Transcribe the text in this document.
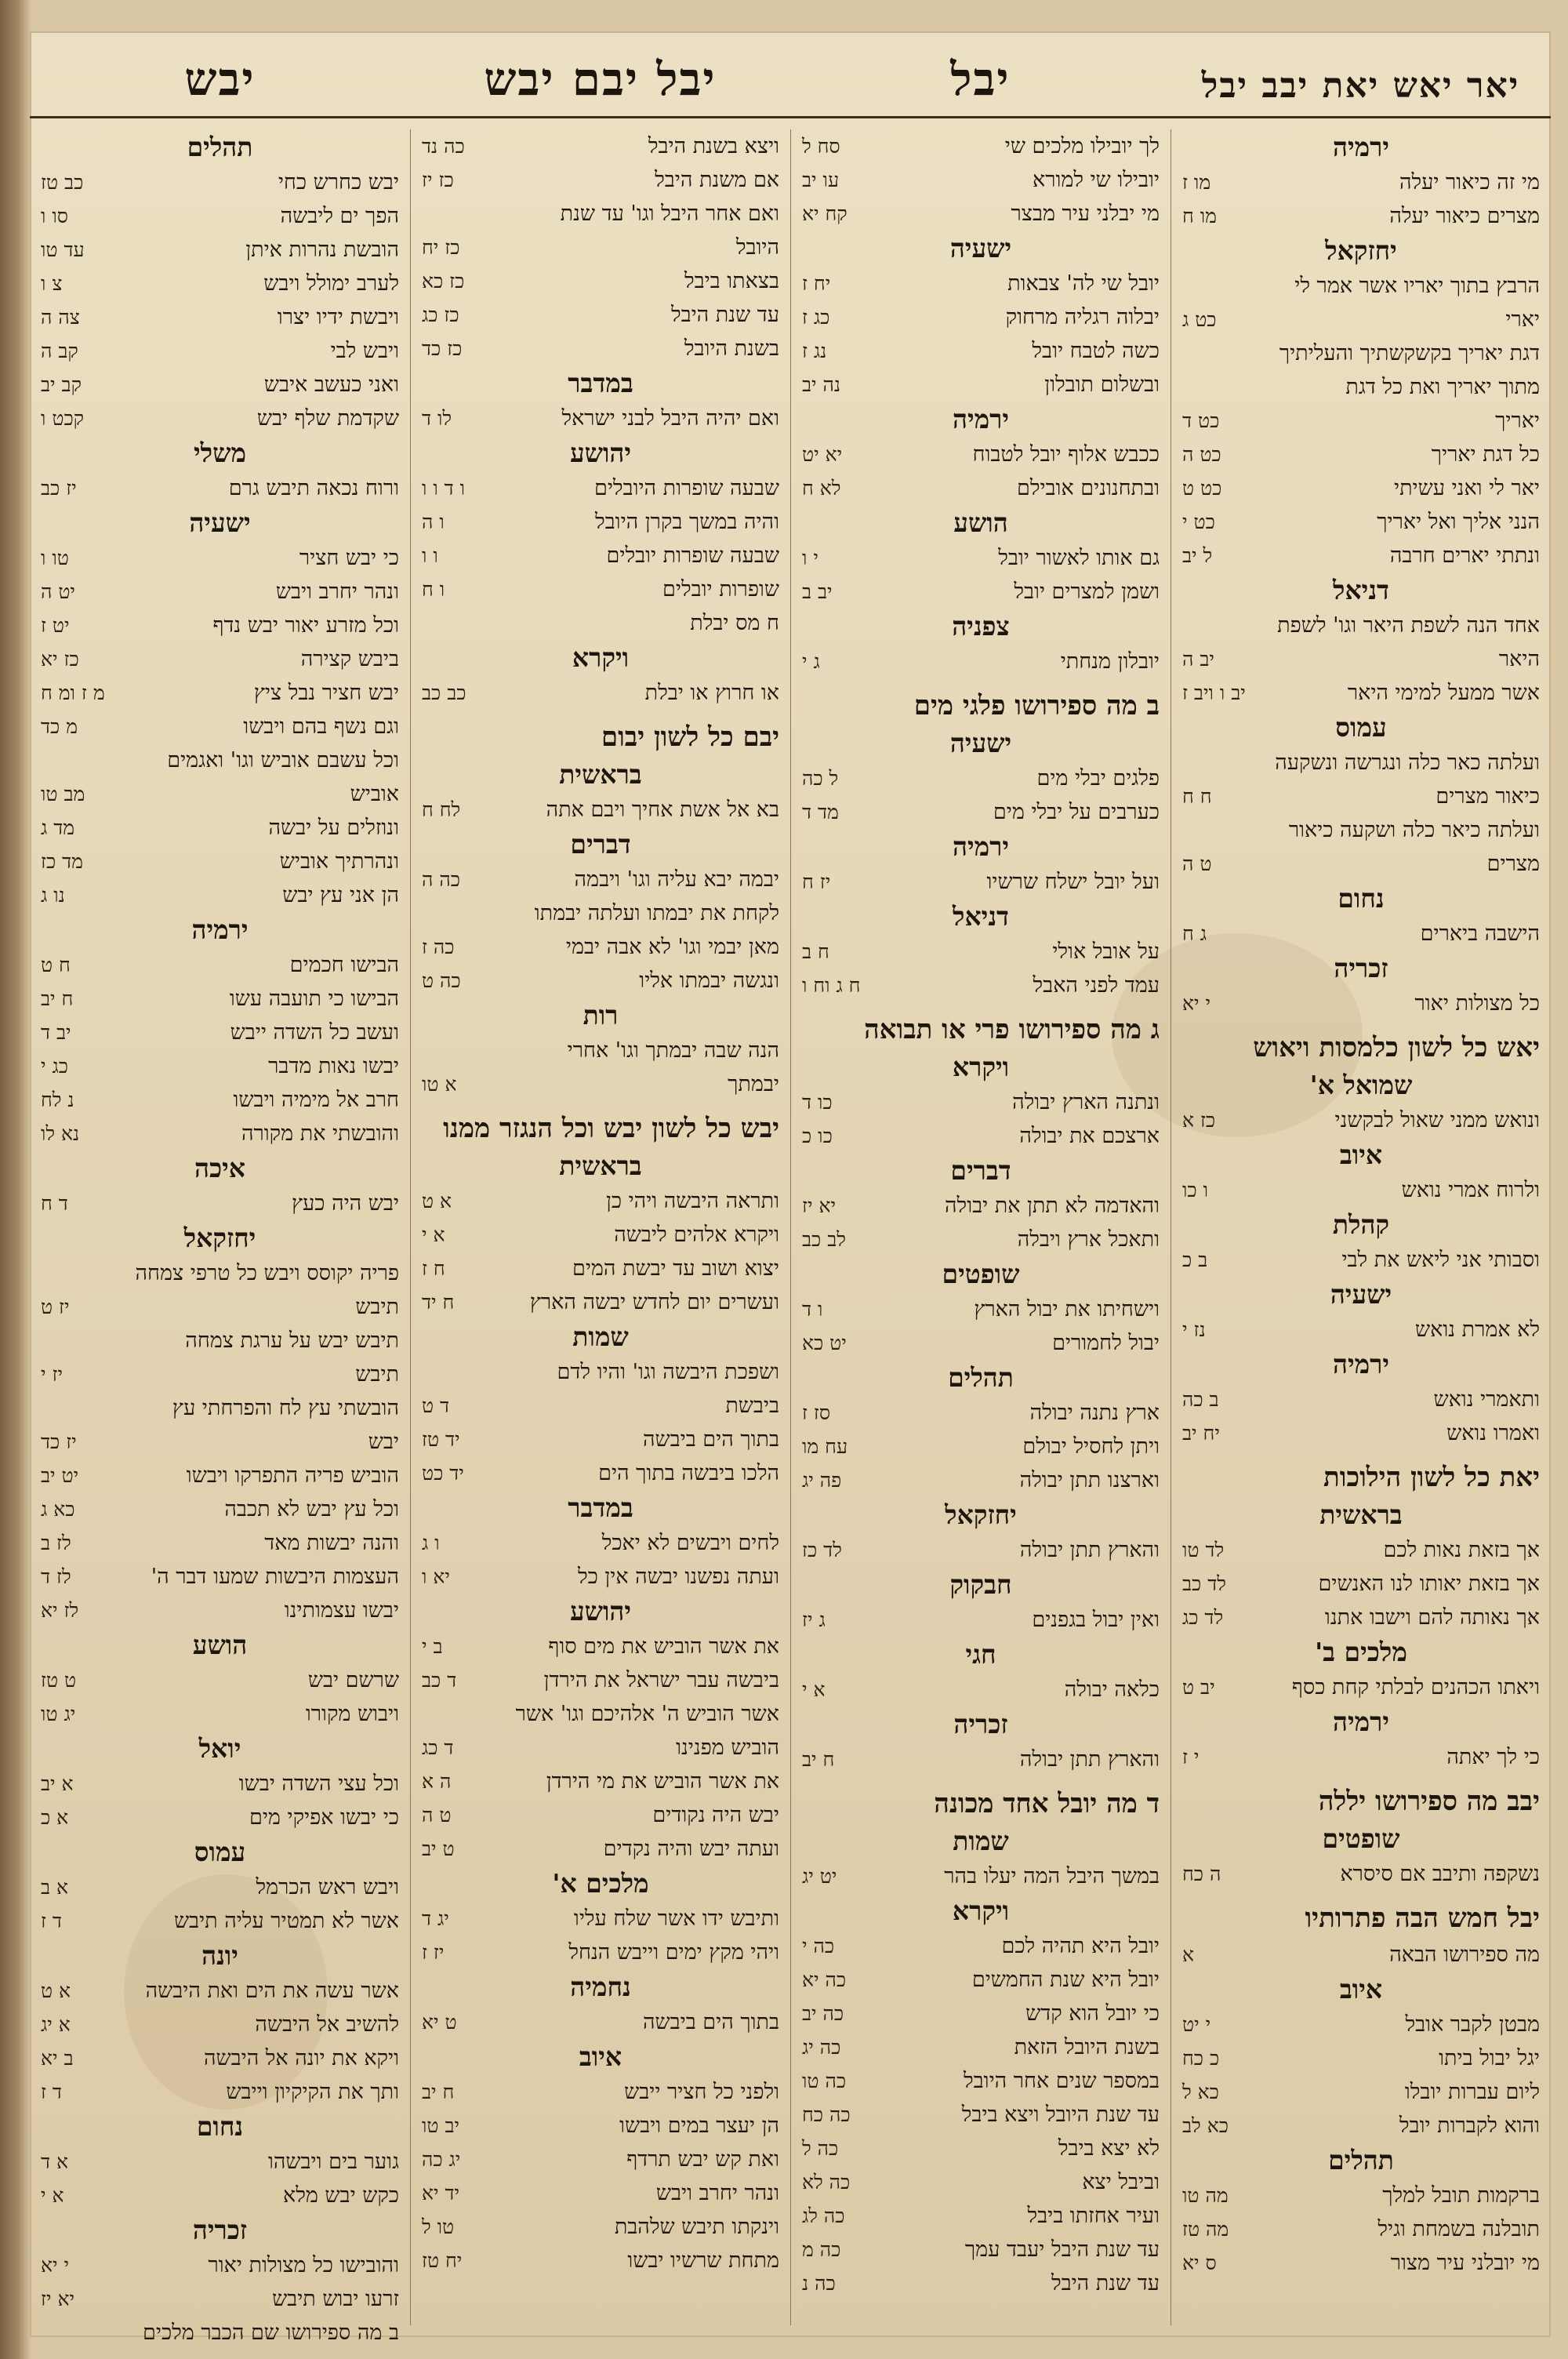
יאר יאש יאת יבב יבל
יבל
יבל יבם יבש
יבש
ירמיה
מי זה כיאור יעלה
מו ז
מצרים כיאור יעלה
מו ח
יחזקאל
הרבץ בתוך יאריו אשר אמר לי
יארי
כט ג
דגת יאריך בקשקשתיך והעליתיך
מתוך יאריך ואת כל דגת
יאריך
כט ד
כל דגת יאריך
כט ה
יאר לי ואני עשיתי
כט ט
הנני אליך ואל יאריך
כט י
ונתתי יארים חרבה
ל יב
דניאל
אחד הנה לשפת היאר וגו' לשפת
היאר
יב ה
אשר ממעל למימי היאר
יב ו ויב ז
עמוס
ועלתה כאר כלה ונגרשה ונשקעה
כיאור מצרים
ח ח
ועלתה כיאר כלה ושקעה כיאור
מצרים
ט ה
נחום
הישבה ביארים
ג ח
זכריה
כל מצולות יאור
י יא
יאש כל לשון כלמסות ויאוש
שמואל א'
ונואש ממני שאול לבקשני
כז א
איוב
ולרוח אמרי נואש
ו כו
קהלת
וסבותי אני ליאש את לבי
ב כ
ישעיה
לא אמרת נואש
נז י
ירמיה
ותאמרי נואש
ב כה
ואמרו נואש
יח יב
יאת כל לשון הילוכות
בראשית
אך בזאת נאות לכם
לד טו
אך בזאת יאותו לנו האנשים
לד כב
אך נאותה להם וישבו אתנו
לד כג
מלכים ב'
ויאתו הכהנים לבלתי קחת כסף
יב ט
ירמיה
כי לך יאתה
י ז
יבב מה ספירושו יללה
שופטים
נשקפה ותיבב אם סיסרא
ה כח
יבל חמש הבה פתרותיו
מה ספירושו הבאה
א
איוב
מבטן לקבר אובל
י יט
יגל יבול ביתו
כ כח
ליום עברות יובלו
כא ל
והוא לקברות יובל
כא לב
תהלים
ברקמות תובל למלך
מה טו
תובלנה בשמחת וגיל
מה טז
מי יובלני עיר מצור
ס יא
לך יובילו מלכים שי
סח ל
יובילו שי למורא
עו יב
מי יבלני עיר מבצר
קח יא
ישעיה
יובל שי לה' צבאות
יח ז
יבלוה רגליה מרחוק
כג ז
כשה לטבח יובל
נג ז
ובשלום תובלון
נה יב
ירמיה
ככבש אלוף יובל לטבוח
יא יט
ובתחנונים אובילם
לא ח
הושע
גם אותו לאשור יובל
י ו
ושמן למצרים יובל
יב ב
צפניה
יובלון מנחתי
ג י
ב מה ספירושו פלגי מים
ישעיה
פלגים יבלי מים
ל כה
כערבים על יבלי מים
מד ד
ירמיה
ועל יובל ישלח שרשיו
יז ח
דניאל
על אובל אולי
ח ב
עמד לפני האבל
ח ג וח ו
ג מה ספירושו פרי או תבואה
ויקרא
ונתנה הארץ יבולה
כו ד
ארצכם את יבולה
כו כ
דברים
והאדמה לא תתן את יבולה
יא יז
ותאכל ארץ ויבלה
לב כב
שופטים
וישחיתו את יבול הארץ
ו ד
יבול לחמורים
יט כא
תהלים
ארץ נתנה יבולה
סז ז
ויתן לחסיל יבולם
עח מו
וארצנו תתן יבולה
פה יג
יחזקאל
והארץ תתן יבולה
לד כז
חבקוק
ואין יבול בגפנים
ג יז
חגי
כלאה יבולה
א י
זכריה
והארץ תתן יבולה
ח יב
ד מה יובל אחד מכונה
שמות
במשך היבל המה יעלו בהר
יט יג
ויקרא
יובל היא תהיה לכם
כה י
יובל היא שנת החמשים
כה יא
כי יובל הוא קדש
כה יב
בשנת היובל הזאת
כה יג
במספר שנים אחר היובל
כה טו
עד שנת היובל ויצא ביבל
כה כח
לא יצא ביבל
כה ל
וביבל יצא
כה לא
ועיר אחזתו ביבל
כה לג
עד שנת היבל יעבד עמך
כה מ
עד שנת היבל
כה נ
ויצא בשנת היבל
כה נד
אם משנת היבל
כז יז
ואם אחר היבל וגו' עד שנת
היובל
כז יח
בצאתו ביבל
כז כא
עד שנת היבל
כז כג
בשנת היובל
כז כד
במדבר
ואם יהיה היבל לבני ישראל
לו ד
יהושע
שבעה שופרות היובלים
ו ד ו ו
והיה במשך בקרן היובל
ו ה
שבעה שופרות יובלים
ו ו
שופרות יובלים
ו ח
ח מס יבלת
ויקרא
או חרוץ או יבלת
כב כב
יבם כל לשון יבום
בראשית
בא אל אשת אחיך ויבם אתה
לח ח
דברים
יבמה יבא עליה וגו' ויבמה
כה ה
לקחת את יבמתו ועלתה יבמתו
מאן יבמי וגו' לא אבה יבמי
כה ז
ונגשה יבמתו אליו
כה ט
רות
הנה שבה יבמתך וגו' אחרי
יבמתך
א טו
יבש כל לשון יבש וכל הנגזר ממנו
בראשית
ותראה היבשה ויהי כן
א ט
ויקרא אלהים ליבשה
א י
יצוא ושוב עד יבשת המים
ח ז
ועשרים יום לחדש יבשה הארץ
ח יד
שמות
ושפכת היבשה וגו' והיו לדם
ביבשת
ד ט
בתוך הים ביבשה
יד טז
הלכו ביבשה בתוך הים
יד כט
במדבר
לחים ויבשים לא יאכל
ו ג
ועתה נפשנו יבשה אין כל
יא ו
יהושע
את אשר הוביש את מים סוף
ב י
ביבשה עבר ישראל את הירדן
ד כב
אשר הוביש ה' אלהיכם וגו' אשר
הוביש מפנינו
ד כג
את אשר הוביש את מי הירדן
ה א
יבש היה נקודים
ט ה
ועתה יבש והיה נקדים
ט יב
מלכים א'
ותיבש ידו אשר שלח עליו
יג ד
ויהי מקץ ימים וייבש הנחל
יז ז
נחמיה
בתוך הים ביבשה
ט יא
איוב
ולפני כל חציר ייבש
ח יב
הן יעצר במים ויבשו
יב טו
ואת קש יבש תרדף
יג כה
ונהר יחרב ויבש
יד יא
וינקתו תיבש שלהבת
טו ל
מתחת שרשיו יבשו
יח טז
תהלים
יבש כחרש כחי
כב טז
הפך ים ליבשה
סו ו
הובשת נהרות איתן
עד טו
לערב ימולל ויבש
צ ו
ויבשת ידיו יצרו
צה ה
ויבש לבי
קב ה
ואני כעשב איבש
קב יב
שקדמת שלף יבש
קכט ו
משלי
ורוח נכאה תיבש גרם
יז כב
ישעיה
כי יבש חציר
טו ו
ונהר יחרב ויבש
יט ה
וכל מזרע יאור יבש נדף
יט ז
ביבש קצירה
כז יא
יבש חציר נבל ציץ
מ ז ומ ח
וגם נשף בהם ויבשו
מ כד
וכל עשבם אוביש וגו' ואגמים
אוביש
מב טו
ונוזלים על יבשה
מד ג
ונהרתיך אוביש
מד כז
הן אני עץ יבש
נו ג
ירמיה
הבישו חכמים
ח ט
הבישו כי תועבה עשו
ח יב
ועשב כל השדה ייבש
יב ד
יבשו נאות מדבר
כג י
חרב אל מימיה ויבשו
נ לח
והובשתי את מקורה
נא לו
איכה
יבש היה כעץ
ד ח
יחזקאל
פריה יקוסס ויבש כל טרפי צמחה
תיבש
יז ט
תיבש יבש על ערגת צמחה
תיבש
יז י
הובשתי עץ לח והפרחתי עץ
יבש
יז כד
הוביש פריה התפרקו ויבשו
יט יב
וכל עץ יבש לא תכבה
כא ג
והנה יבשות מאד
לז ב
העצמות היבשות שמעו דבר ה'
לז ד
יבשו עצמותינו
לז יא
הושע
שרשם יבש
ט טז
ויבוש מקורו
יג טו
יואל
וכל עצי השדה יבשו
א יב
כי יבשו אפיקי מים
א כ
עמוס
ויבש ראש הכרמל
א ב
אשר לא תמטיר עליה תיבש
ד ז
יונה
אשר עשה את הים ואת היבשה
א ט
להשיב אל היבשה
א יג
ויקא את יונה אל היבשה
ב יא
ותך את הקיקיון וייבש
ד ז
נחום
גוער בים ויבשהו
א ד
כקש יבש מלא
א י
זכריה
והובישו כל מצולות יאור
י יא
זרעו יבוש תיבש
יא יז
ב מה ספירושו שם הכבר מלכים
